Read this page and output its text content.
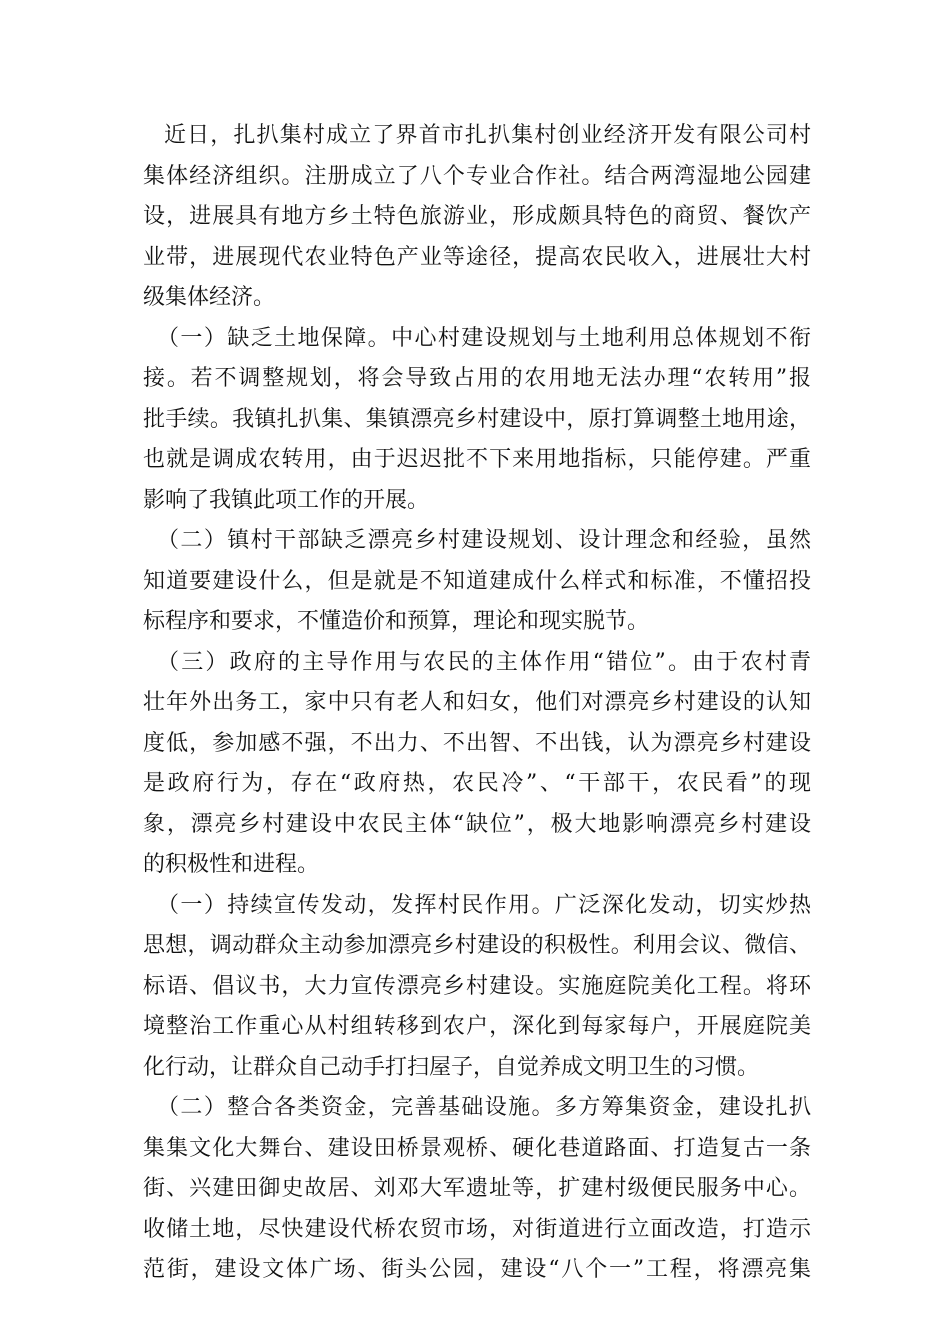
近日，扎扒集村成立了界首市扎扒集村创业经济开发有限公司村
集体经济组织。注册成立了八个专业合作社。结合两湾湿地公园建
设，进展具有地方乡土特色旅游业，形成颇具特色的商贸、餐饮产
业带，进展现代农业特色产业等途径，提高农民收入，进展壮大村
级集体经济。
（一）缺乏土地保障。中心村建设规划与土地利用总体规划不衔
接。若不调整规划，将会导致占用的农用地无法办理“农转用”报
批手续。我镇扎扒集、集镇漂亮乡村建设中，原打算调整土地用途，
也就是调成农转用，由于迟迟批不下来用地指标，只能停建。严重
影响了我镇此项工作的开展。
（二）镇村干部缺乏漂亮乡村建设规划、设计理念和经验，虽然
知道要建设什么，但是就是不知道建成什么样式和标准，不懂招投
标程序和要求，不懂造价和预算，理论和现实脱节。
（三）政府的主导作用与农民的主体作用“错位”。由于农村青
壮年外出务工，家中只有老人和妇女，他们对漂亮乡村建设的认知
度低，参加感不强，不出力、不出智、不出钱，认为漂亮乡村建设
是政府行为，存在“政府热，农民冷”、“干部干，农民看”的现
象，漂亮乡村建设中农民主体“缺位”，极大地影响漂亮乡村建设
的积极性和进程。
（一）持续宣传发动，发挥村民作用。广泛深化发动，切实炒热
思想，调动群众主动参加漂亮乡村建设的积极性。利用会议、微信、
标语、倡议书，大力宣传漂亮乡村建设。实施庭院美化工程。将环
境整治工作重心从村组转移到农户，深化到每家每户，开展庭院美
化行动，让群众自己动手打扫屋子，自觉养成文明卫生的习惯。
（二）整合各类资金，完善基础设施。多方筹集资金，建设扎扒
集集文化大舞台、建设田桥景观桥、硬化巷道路面、打造复古一条
街、兴建田御史故居、刘邓大军遗址等，扩建村级便民服务中心。
收储土地，尽快建设代桥农贸市场，对街道进行立面改造，打造示
范街，建设文体广场、街头公园，建设“八个一”工程，将漂亮集
